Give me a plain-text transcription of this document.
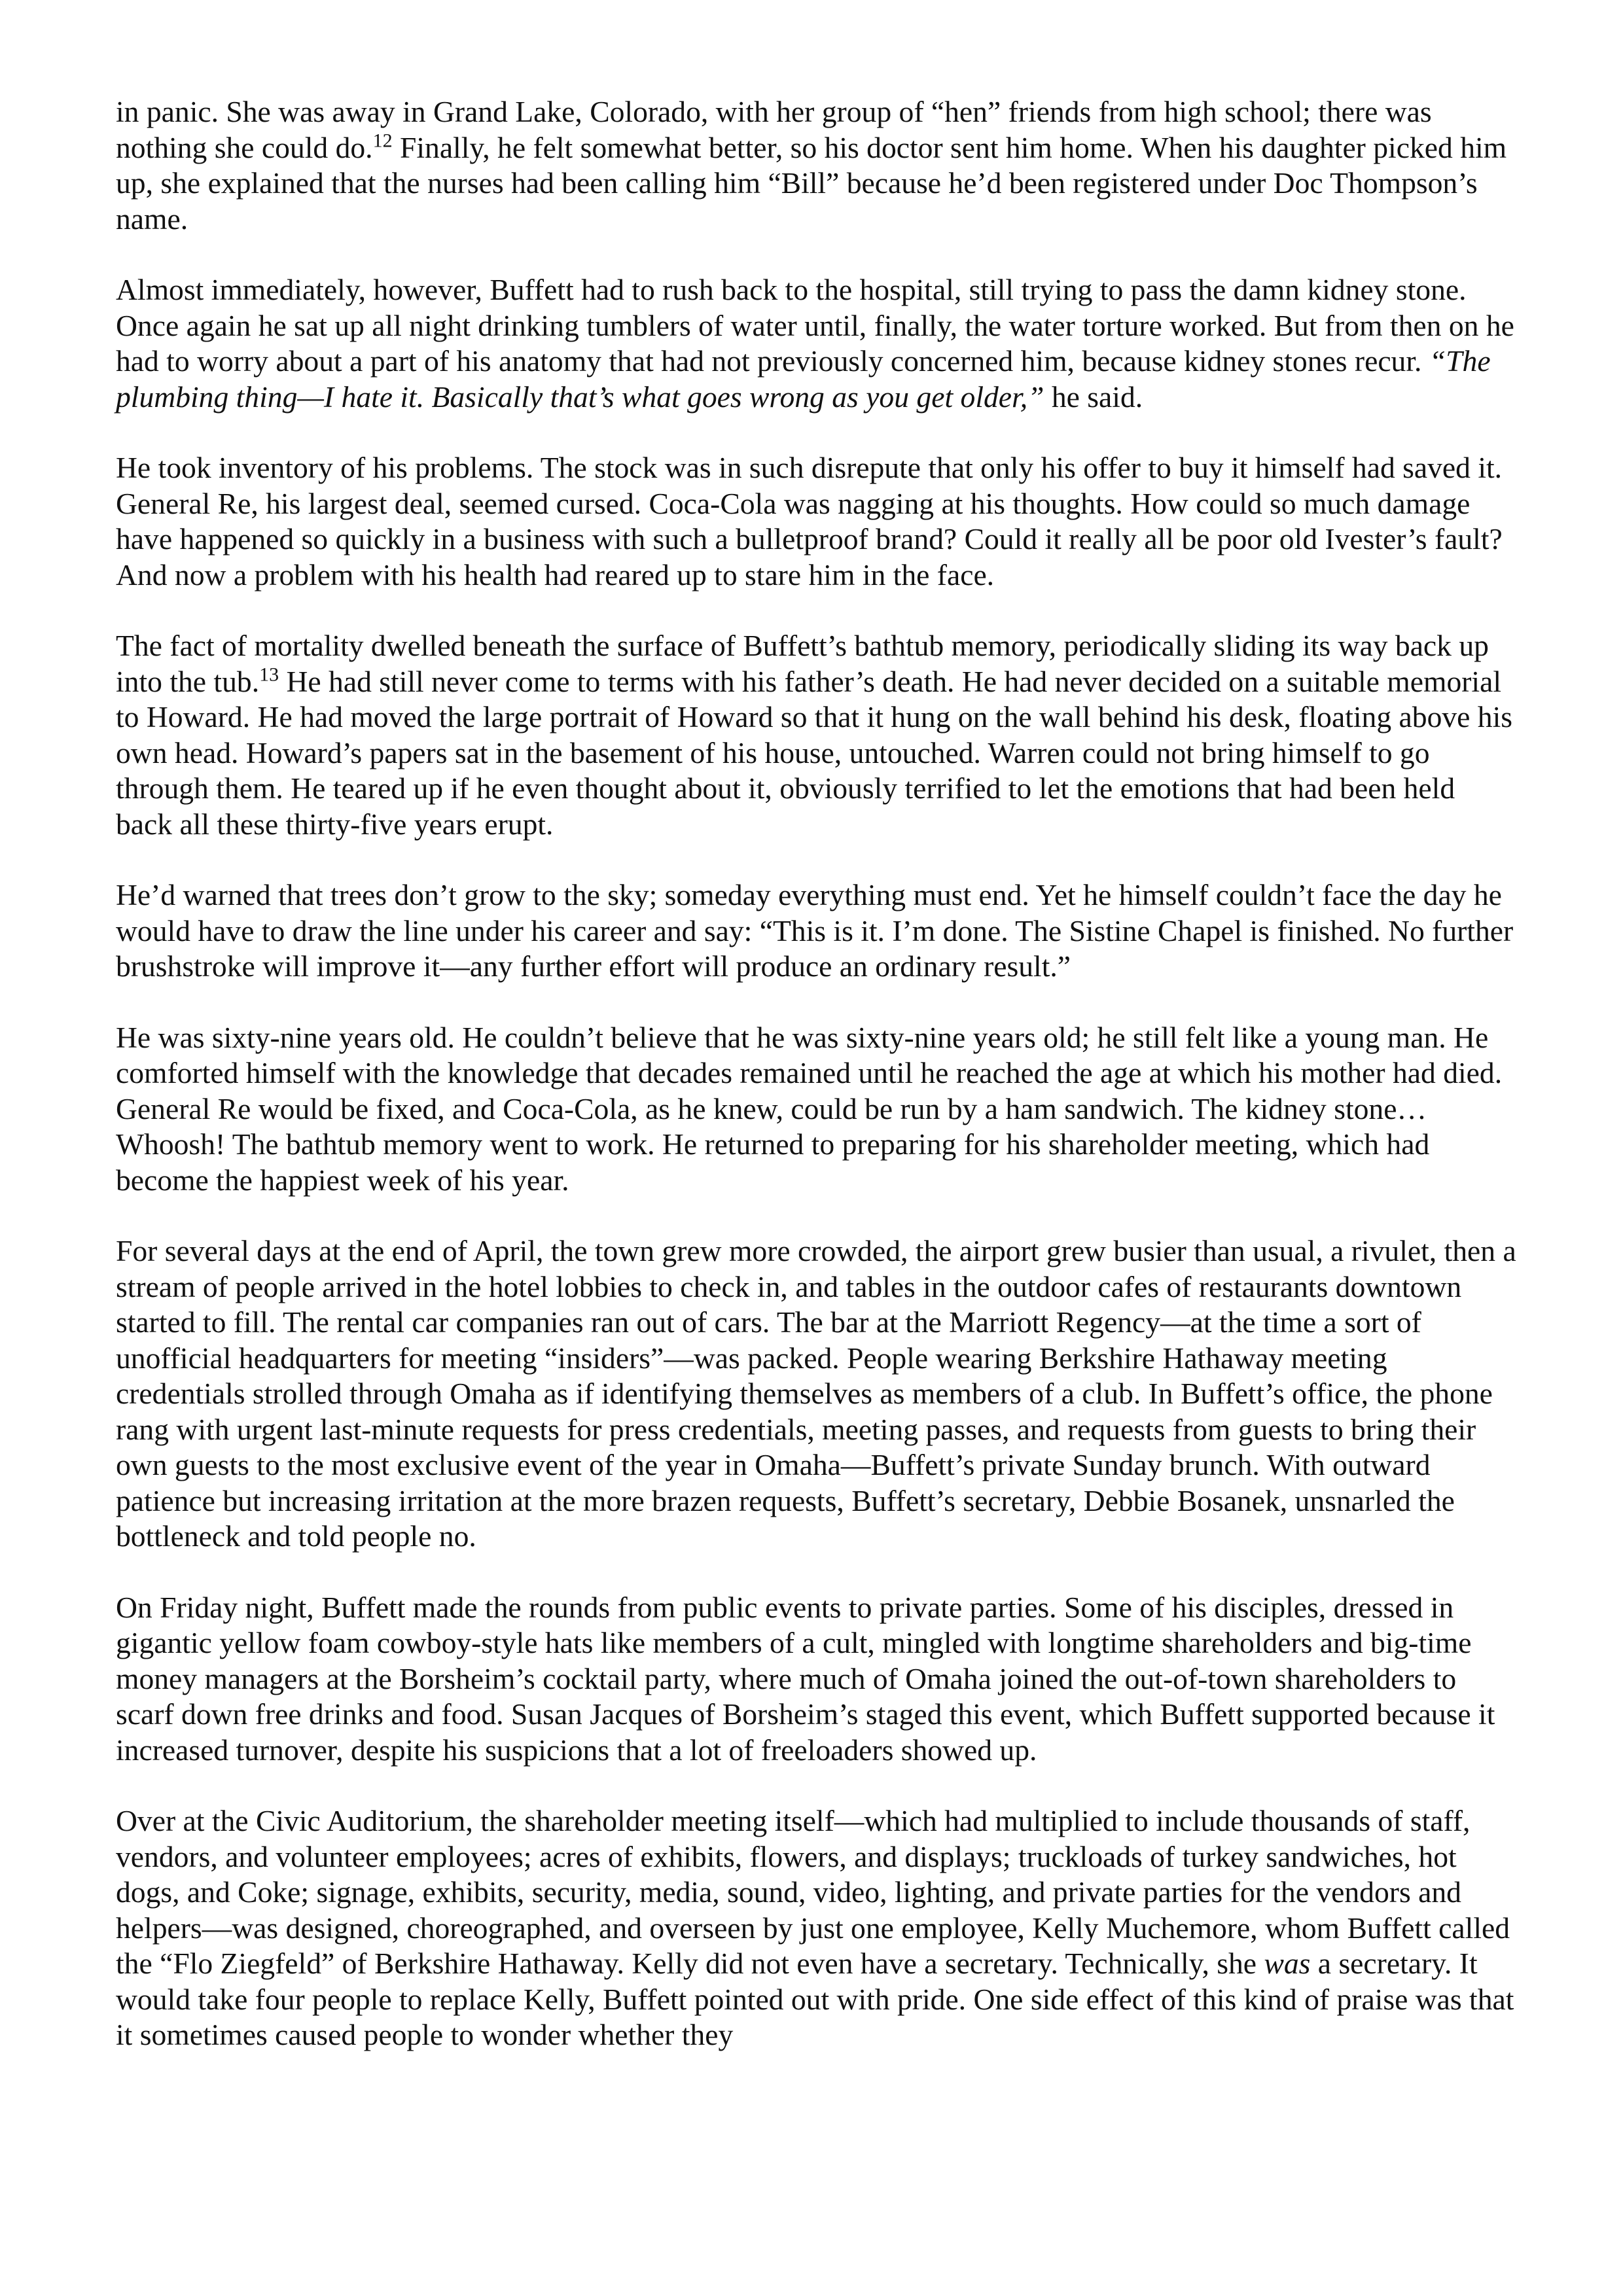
in panic. She was away in Grand Lake, Colorado, with her group of “hen” friends from high school; there was nothing she could do.$^{12}$ Finally, he felt somewhat better, so his doctor sent him home. When his daughter picked him up, she explained that the nurses had been calling him “Bill” because he’d been registered under Doc Thompson’s name.

Almost immediately, however, Buffett had to rush back to the hospital, still trying to pass the damn kidney stone. Once again he sat up all night drinking tumblers of water until, finally, the water torture worked. But from then on he had to worry about a part of his anatomy that had not previously concerned him, because kidney stones recur. “The plumbing thing—I hate it. Basically that’s what goes wrong as you get older,” he said.

He took inventory of his problems. The stock was in such disrepute that only his offer to buy it himself had saved it. General Re, his largest deal, seemed cursed. Coca-Cola was nagging at his thoughts. How could so much damage have happened so quickly in a business with such a bulletproof brand? Could it really all be poor old Ivester’s fault? And now a problem with his health had reared up to stare him in the face.

The fact of mortality dwelled beneath the surface of Buffett’s bathtub memory, periodically sliding its way back up into the tub.$^{13}$ He had still never come to terms with his father’s death. He had never decided on a suitable memorial to Howard. He had moved the large portrait of Howard so that it hung on the wall behind his desk, floating above his own head. Howard’s papers sat in the basement of his house, untouched. Warren could not bring himself to go through them. He teared up if he even thought about it, obviously terrified to let the emotions that had been held back all these thirty-five years erupt.

He’d warned that trees don’t grow to the sky; someday everything must end. Yet he himself couldn’t face the day he would have to draw the line under his career and say: “This is it. I’m done. The Sistine Chapel is finished. No further brushstroke will improve it—any further effort will produce an ordinary result.”

He was sixty-nine years old. He couldn’t believe that he was sixty-nine years old; he still felt like a young man. He comforted himself with the knowledge that decades remained until he reached the age at which his mother had died. General Re would be fixed, and Coca-Cola, as he knew, could be run by a ham sandwich. The kidney stone…Whoosh! The bathtub memory went to work. He returned to preparing for his shareholder meeting, which had become the happiest week of his year.

For several days at the end of April, the town grew more crowded, the airport grew busier than usual, a rivulet, then a stream of people arrived in the hotel lobbies to check in, and tables in the outdoor cafes of restaurants downtown started to fill. The rental car companies ran out of cars. The bar at the Marriott Regency—at the time a sort of unofficial headquarters for meeting “insiders”—was packed. People wearing Berkshire Hathaway meeting credentials strolled through Omaha as if identifying themselves as members of a club. In Buffett’s office, the phone rang with urgent last-minute requests for press credentials, meeting passes, and requests from guests to bring their own guests to the most exclusive event of the year in Omaha—Buffett’s private Sunday brunch. With outward patience but increasing irritation at the more brazen requests, Buffett’s secretary, Debbie Bosanek, unsnarled the bottleneck and told people no.

On Friday night, Buffett made the rounds from public events to private parties. Some of his disciples, dressed in gigantic yellow foam cowboy-style hats like members of a cult, mingled with longtime shareholders and big-time money managers at the Borsheim’s cocktail party, where much of Omaha joined the out-of-town shareholders to scarf down free drinks and food. Susan Jacques of Borsheim’s staged this event, which Buffett supported because it increased turnover, despite his suspicions that a lot of freeloaders showed up.

Over at the Civic Auditorium, the shareholder meeting itself—which had multiplied to include thousands of staff, vendors, and volunteer employees; acres of exhibits, flowers, and displays; truckloads of turkey sandwiches, hot dogs, and Coke; signage, exhibits, security, media, sound, video, lighting, and private parties for the vendors and helpers—was designed, choreographed, and overseen by just one employee, Kelly Muchemore, whom Buffett called the “Flo Ziegfeld” of Berkshire Hathaway. Kelly did not even have a secretary. Technically, she was a secretary. It would take four people to replace Kelly, Buffett pointed out with pride. One side effect of this kind of praise was that it sometimes caused people to wonder whether they
